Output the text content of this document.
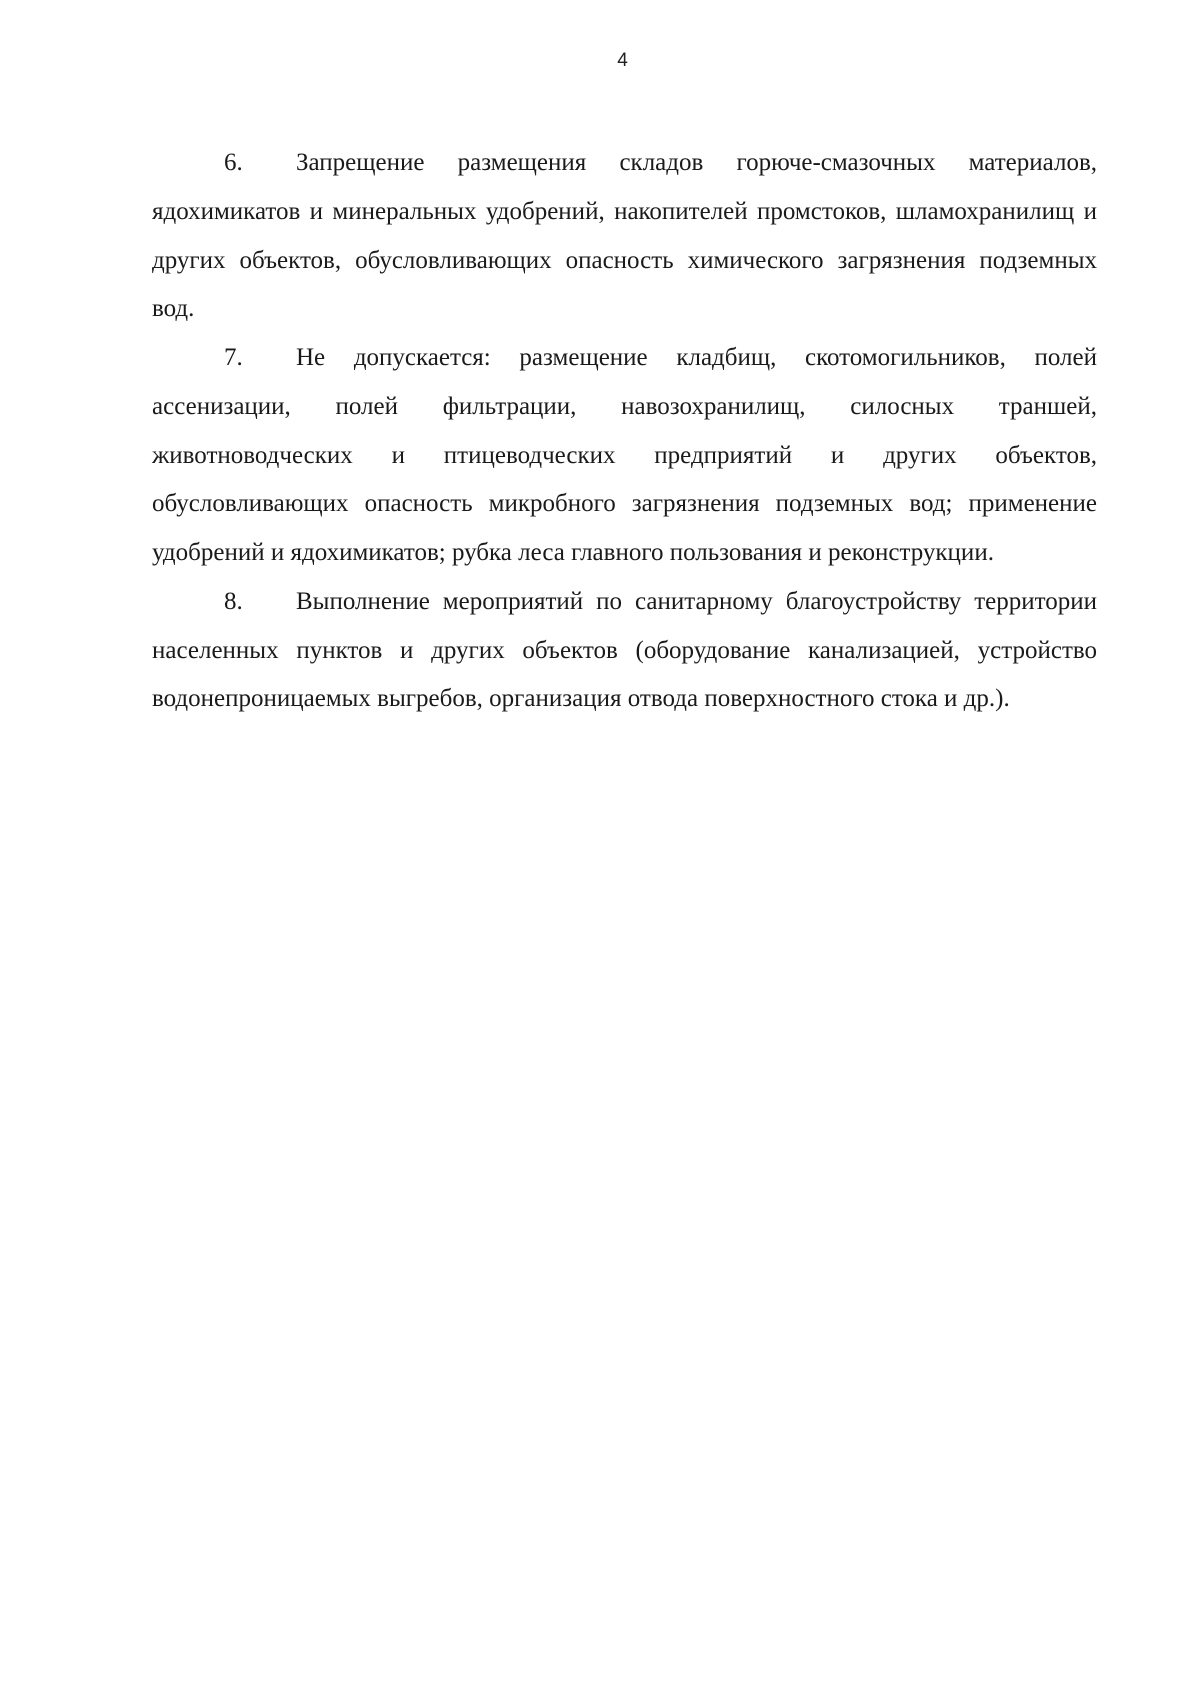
4

6. Запрещение размещения складов горюче-смазочных материалов, ядохимикатов и минеральных удобрений, накопителей промстоков, шламохранилищ и других объектов, обусловливающих опасность химического загрязнения подземных вод.

7. Не допускается: размещение кладбищ, скотомогильников, полей ассенизации, полей фильтрации, навозохранилищ, силосных траншей, животноводческих и птицеводческих предприятий и других объектов, обусловливающих опасность микробного загрязнения подземных вод; применение удобрений и ядохимикатов; рубка леса главного пользования и реконструкции.

8. Выполнение мероприятий по санитарному благоустройству территории населенных пунктов и других объектов (оборудование канализацией, устройство водонепроницаемых выгребов, организация отвода поверхностного стока и др.).
